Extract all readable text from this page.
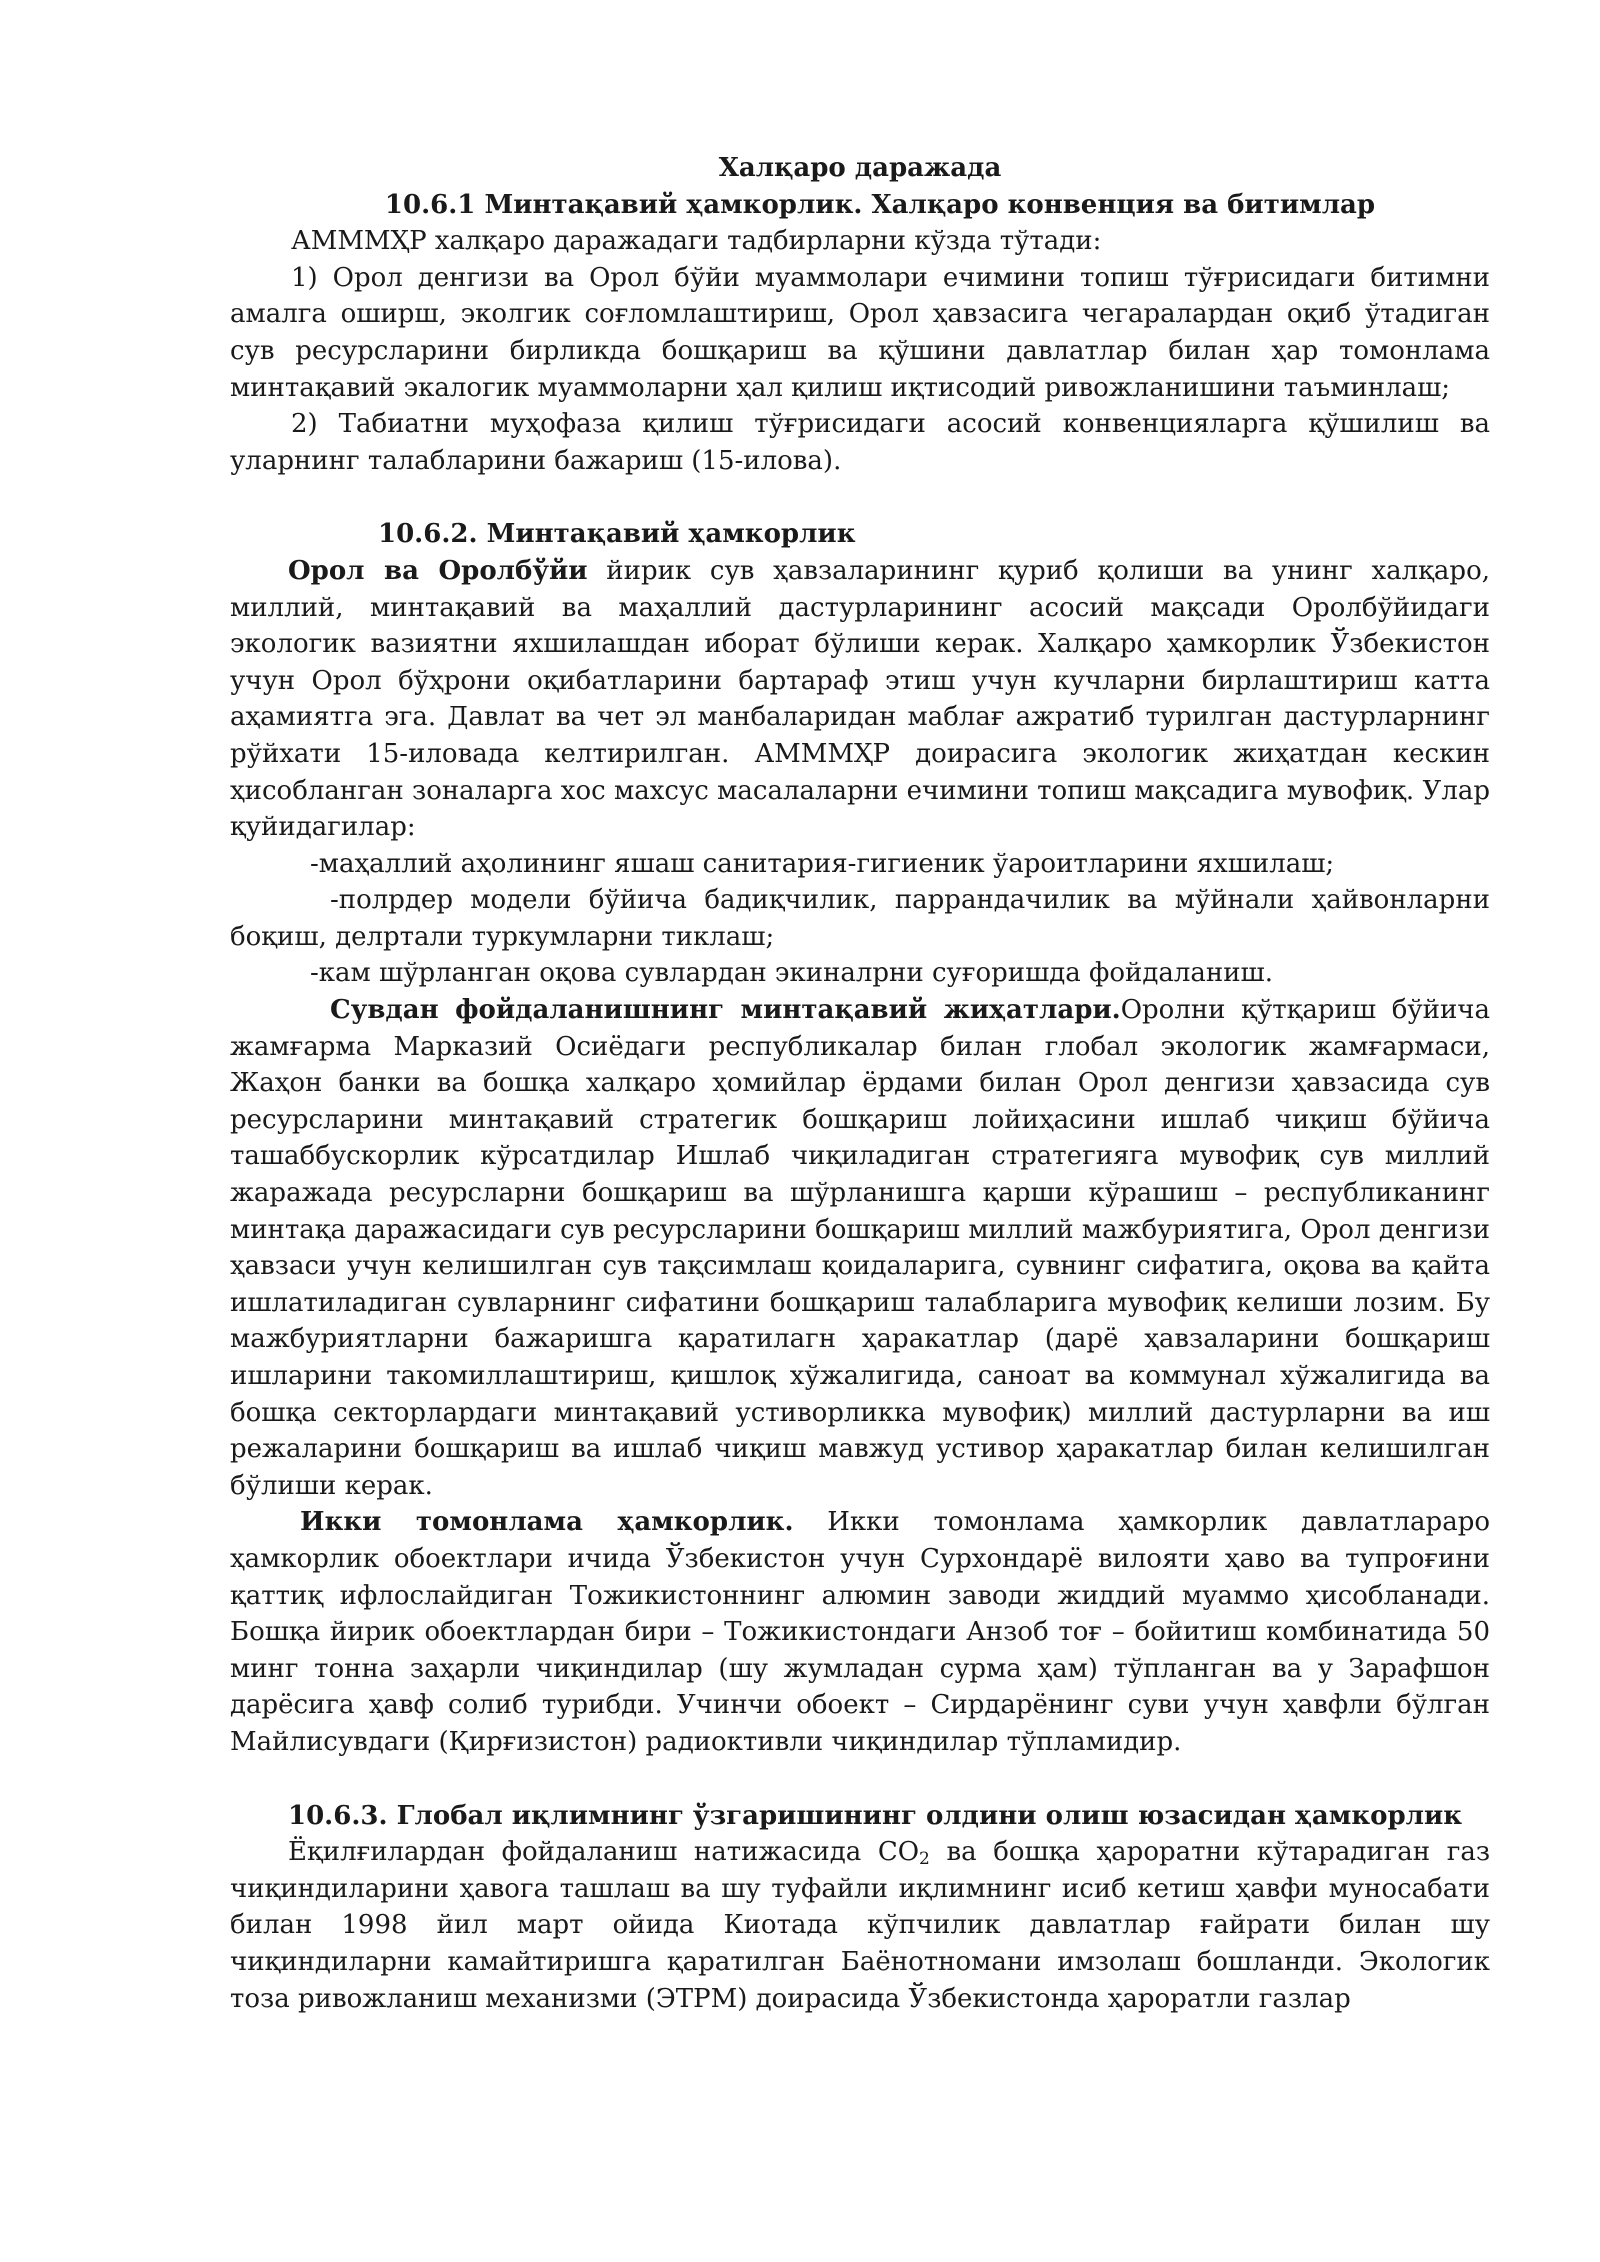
Халқаро даражада

10.6.1 Минтақавий ҳамкорлик. Халқаро конвенция ва битимлар

АМММҲР халқаро даражадаги тадбирларни кўзда тўтади:

1) Орол денгизи ва Орол бўйи муаммолари ечимини топиш тўғрисидаги битимни амалга оширш, эколгик соғломлаштириш, Орол ҳавзасига чегаралардан оқиб ўтадиган сув ресурсларини бирликда бошқариш ва қўшини давлатлар билан ҳар томонлама минтақавий экалогик муаммоларни ҳал қилиш иқтисодий ривожланишини таъминлаш;

2) Табиатни муҳофаза қилиш тўғрисидаги асосий конвенцияларга қўшилиш ва уларнинг талабларини бажариш (15-илова).

10.6.2. Минтақавий ҳамкорлик

Орол ва Оролбўйи йирик сув ҳавзаларининг қуриб қолиши ва унинг халқаро, миллий, минтақавий ва маҳаллий дастурларининг асосий мақсади Оролбўйидаги экологик вазиятни яхшилашдан иборат бўлиши керак. Халқаро ҳамкорлик Ўзбекистон учун Орол бўҳрони оқибатларини бартараф этиш учун кучларни бирлаштириш катта аҳамиятга эга. Давлат ва чет эл манбаларидан маблағ ажратиб турилган дастурларнинг рўйхати 15-иловада келтирилган. АМММҲР доирасига экологик жиҳатдан кескин ҳисобланган зоналарга хос махсус масалаларни ечимини топиш мақсадига мувофиқ. Улар қуйидагилар:

-маҳаллий аҳолининг яшаш санитария-гигиеник ўароитларини яхшилаш;

-полрдер модели бўйича бадиқчилик, паррандачилик ва мўйнали ҳайвонларни боқиш, делртали туркумларни тиклаш;

-кам шўрланган оқова сувлардан экиналрни суғоришда фойдаланиш.

Сувдан фойдаланишнинг минтақавий жиҳатлари.Оролни қўтқариш бўйича жамғарма Марказий Осиёдаги республикалар билан глобал экологик жамғармаси, Жаҳон банки ва бошқа халқаро ҳомийлар ёрдами билан Орол денгизи ҳавзасида сув ресурсларини минтақавий стратегик бошқариш лойиҳасини ишлаб чиқиш бўйича ташаббускорлик кўрсатдилар Ишлаб чиқиладиган стратегияга мувофиқ сув миллий жаражада ресурсларни бошқариш ва шўрланишга қарши кўрашиш – республиканинг минтақа даражасидаги сув ресурсларини бошқариш миллий мажбуриятига, Орол денгизи ҳавзаси учун келишилган сув тақсимлаш қоидаларига, сувнинг сифатига, оқова ва қайта ишлатиладиган сувларнинг сифатини бошқариш талабларига мувофиқ келиши лозим. Бу мажбуриятларни бажаришга қаратилагн ҳаракатлар (дарё ҳавзаларини бошқариш ишларини такомиллаштириш, қишлоқ хўжалигида, саноат ва коммунал хўжалигида ва бошқа секторлардаги минтақавий устиворликка мувофиқ) миллий дастурларни ва иш режаларини бошқариш ва ишлаб чиқиш мавжуд устивор ҳаракатлар билан келишилган бўлиши керак.

Икки томонлама ҳамкорлик. Икки томонлама ҳамкорлик давлатлараро ҳамкорлик обоектлари ичида Ўзбекистон учун Сурхондарё вилояти ҳаво ва тупроғини қаттиқ ифлослайдиган Тожикистоннинг алюмин заводи жиддий муаммо ҳисобланади. Бошқа йирик обоектлардан бири – Тожикистондаги Анзоб тоғ – бойитиш комбинатида 50 минг тонна заҳарли чиқиндилар (шу жумладан сурма ҳам) тўпланган ва у Зарафшон дарёсига ҳавф солиб турибди. Учинчи обоект – Сирдарёнинг суви учун ҳавфли бўлган Майлисувдаги (Қирғизистон) радиоктивли чиқиндилар тўпламидир.

10.6.3. Глобал иқлимнинг ўзгаришининг олдини олиш юзасидан ҳамкорлик

Ёқилғилардан фойдаланиш натижасида $CO_2$ ва бошқа ҳароратни кўтарадиган газ чиқиндиларини ҳавога ташлаш ва шу туфайли иқлимнинг исиб кетиш ҳавфи муносабати билан 1998 йил март ойида Киотада кўпчилик давлатлар ғайрати билан шу чиқиндиларни камайтиришга қаратилган Баёнотномани имзолаш бошланди. Экологик тоза ривожланиш механизми (ЭТРМ) доирасида Ўзбекистонда ҳароратли газлар
